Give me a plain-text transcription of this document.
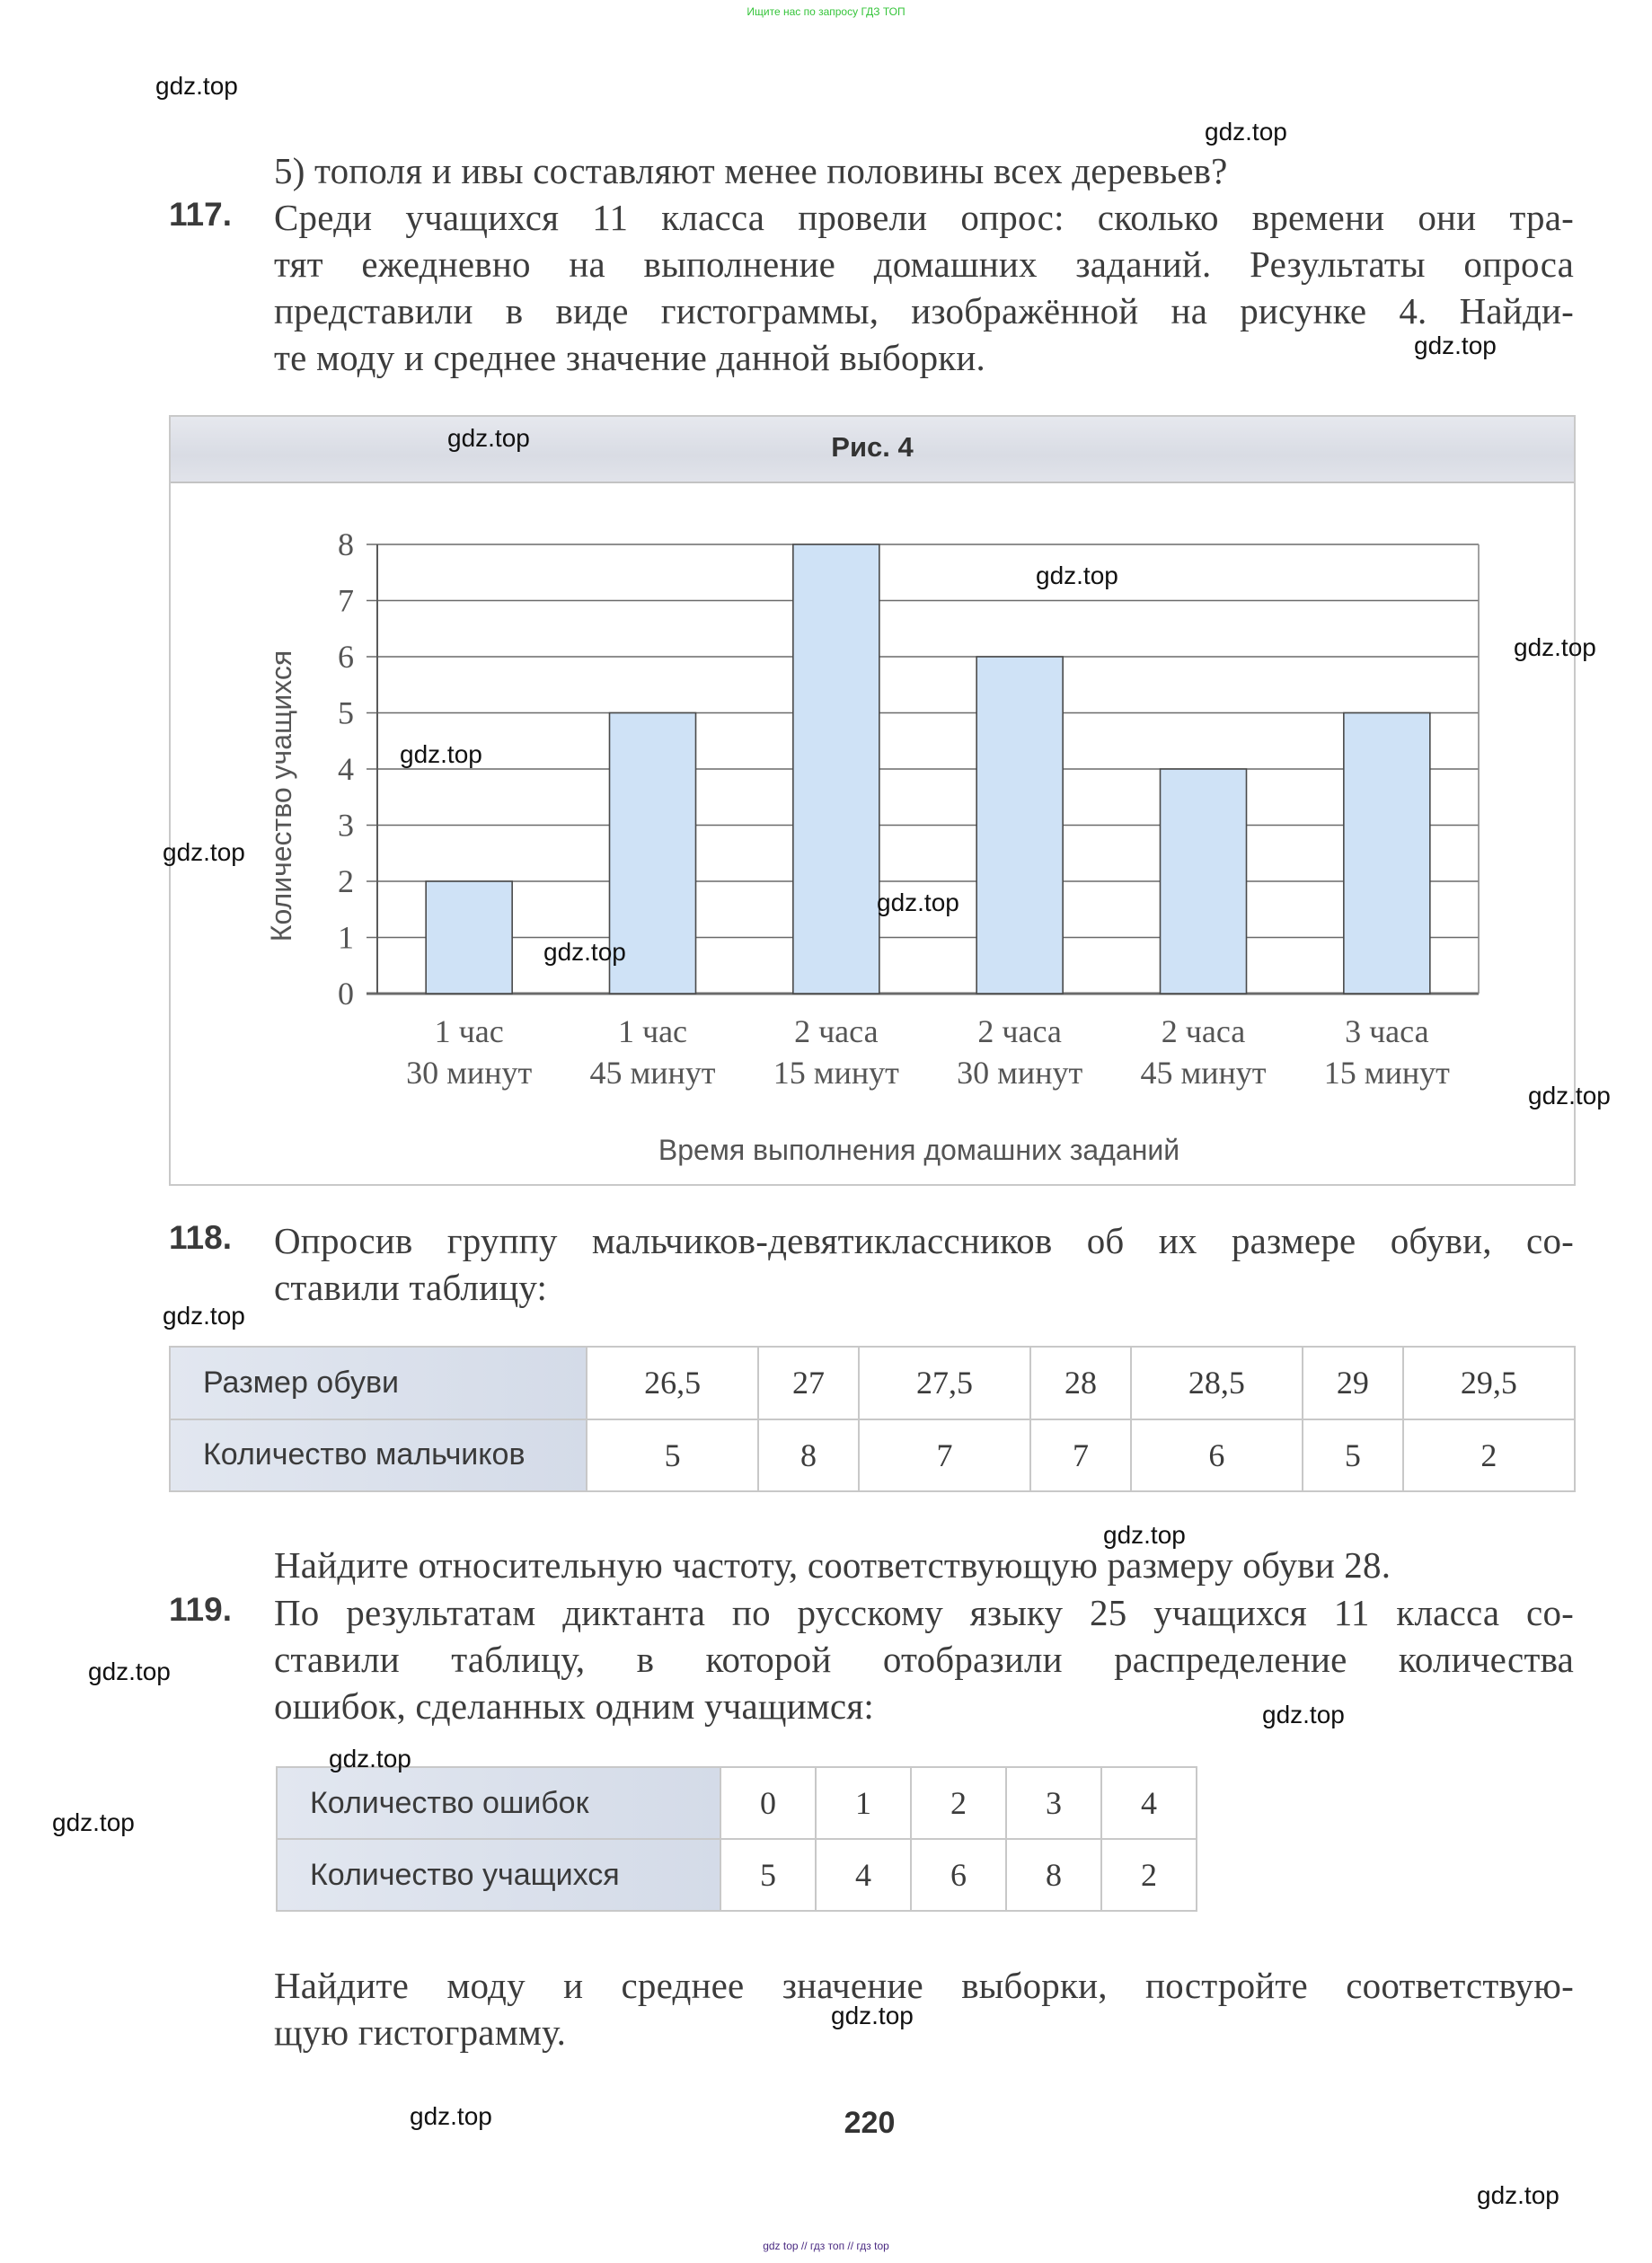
Ищите нас по запросу ГДЗ ТОП
5) тополя и ивы составляют менее половины всех деревьев?
117. Среди учащихся 11 класса провели опрос: сколько времени они тра-
тят ежедневно на выполнение домашних заданий. Результаты опроса
представили в виде гистограммы, изображённой на рисунке 4. Найди-
те моду и среднее значение данной выборки.
Рис. 4
0
1
2
3
4
5
6
7
8
1 час
30 минут
1 час
45 минут
2 часа
15 минут
2 часа
30 минут
2 часа
45 минут
3 часа
15 минут
Количество учащихся
Время выполнения домашних заданий
118. Опросив группу мальчиков-девятиклассников об их размере обуви, со-
ставили таблицу:
Размер обуви	26,5	27	27,5	28	28,5	29	29,5
Количество мальчиков	5	8	7	7	6	5	2
Найдите относительную частоту, соответствующую размеру обуви 28.
119. По результатам диктанта по русскому языку 25 учащихся 11 класса со-
ставили таблицу, в которой отобразили распределение количества
ошибок, сделанных одним учащимся:
Количество ошибок	0	1	2	3	4
Количество учащихся	5	4	6	8	2
Найдите моду и среднее значение выборки, постройте соответствую-
щую гистограмму.
220
gdz.top
gdz.top
gdz.top
gdz.top
gdz.top
gdz.top
gdz.top
gdz.top
gdz.top
gdz.top
gdz.top
gdz.top
gdz.top
gdz.top
gdz.top
gdz.top
gdz.top
gdz.top
gdz.top
gdz.top
gdz top // гдз топ // гдз top
